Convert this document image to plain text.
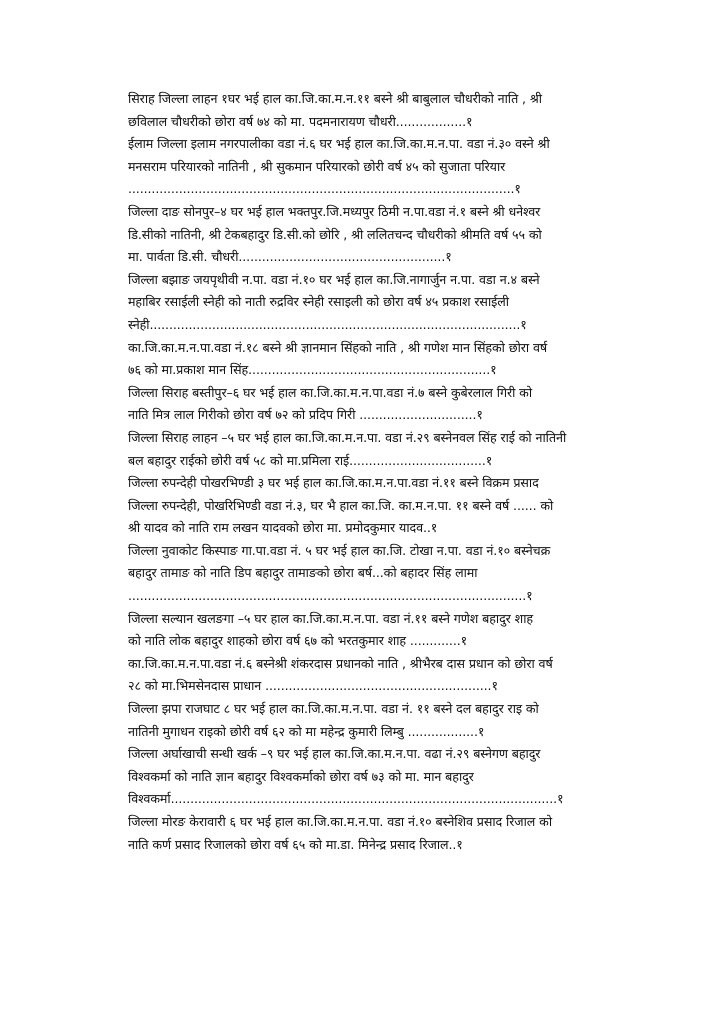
सिराह जिल्ला लाहन १घर भई हाल का.जि.का.म.न.११ बस्ने श्री बाबुलाल चौधरीको नाति , श्री
छविलाल चौधरीको छोरा वर्ष ७४ को मा. पदमनारायण चौधरी..................१
ईलाम जिल्ला इलाम नगरपालीका वडा नं.६ घर भई हाल का.जि.का.म.न.पा. वडा नं.३० वस्ने श्री
मनसराम परियारको नातिनी , श्री सुकमान परियारको छोरी वर्ष ४५ को सुजाता परियार
...................................................................................................१
जिल्ला दाङ सोनपुर–४ घर भई हाल भक्तपुर.जि.मध्यपुर ठिमी न.पा.वडा नं.१ बस्ने श्री धनेश्वर
डि.सीको नातिनी, श्री टेकबहादुर डि.सी.को छोरि , श्री ललितचन्द चौधरीको श्रीमति वर्ष ५५ को
मा. पार्वता डि.सी. चौधरी.....................................................१
जिल्ला बझाङ जयपृथीवी न.पा. वडा नं.१० घर भई हाल का.जि.नागार्जुन न.पा. वडा न.४ बस्ने
महाबिर रसाईली स्नेही को नाती रुद्रविर स्नेही रसाइली को छोरा वर्ष ४५ प्रकाश रसाईली
स्नेही...............................................................................................१
का.जि.का.म.न.पा.वडा नं.१८ बस्ने श्री ज्ञानमान सिंहको नाति , श्री गणेश मान सिंहको छोरा वर्ष
७६ को मा.प्रकाश मान सिंह..............................................................१
जिल्ला सिराह बस्तीपुर–६ घर भई हाल का.जि.का.म.न.पा.वडा नं.७ बस्ने कुबेरलाल गिरी को
नाति मित्र लाल गिरीको छोरा वर्ष ७२ को प्रदिप गिरी ..............................१
जिल्ला सिराह लाहन –५ घर भई हाल का.जि.का.म.न.पा. वडा नं.२९ बस्नेनवल सिंह राई को नातिनी
बल बहादुर राईको छोरी वर्ष ५८ को मा.प्रमिला राई...................................१
जिल्ला रुपन्देही पोखरभिण्डी ३ घर भई हाल का.जि.का.म.न.पा.वडा नं.११ बस्ने विक्रम प्रसाद
जिल्ला रुपन्देही, पोखरिभिण्डी वडा नं.३, घर भै हाल का.जि. का.म.न.पा. ११ बस्ने वर्ष ...... को
श्री यादव को नाति राम लखन यादवको छोरा मा. प्रमोदकुमार यादव..१
जिल्ला नुवाकोट किस्पाङ गा.पा.वडा नं. ५ घर भई हाल का.जि. टोखा न.पा. वडा नं.१० बस्नेचक्र
बहादुर तामाङ को नाति डिप बहादुर तामाङको छोरा बर्ष...को बहादर सिंह लामा
......................................................................................................१
जिल्ला सल्यान खलङगा –५ घर हाल का.जि.का.म.न.पा. वडा नं.११ बस्ने गणेश बहादुर शाह
को नाति लोक बहादुर शाहको छोरा वर्ष ६७ को भरतकुमार शाह .............१
का.जि.का.म.न.पा.वडा नं.६ बस्नेश्री शंकरदास प्रधानको नाति , श्रीभैरब दास प्रधान को छोरा वर्ष
२८ को मा.भिमसेनदास प्राधान ..........................................................१
जिल्ला झपा राजघाट ८ घर भई हाल का.जि.का.म.न.पा. वडा नं. ११ बस्ने दल बहादुर राइ को
नातिनी मुगाधन राइको छोरी वर्ष ६२ को मा महेन्द्र कुमारी लिम्बु ..................१
जिल्ला अर्घाखाची सन्धी खर्क –९ घर भई हाल का.जि.का.म.न.पा. वढा नं.२९ बस्नेगण बहादुर
विश्वकर्मा को नाति ज्ञान बहादुर विश्वकर्माको छोरा वर्ष ७३ को मा. मान बहादुर
विश्वकर्मा...................................................................................................१
जिल्ला मोरङ केरावारी ६ घर भई हाल का.जि.का.म.न.पा. वडा नं.१० बस्नेशिव प्रसाद रिजाल को
नाति कर्ण प्रसाद रिजालको छोरा वर्ष ६५ को मा.डा. मिनेन्द्र प्रसाद रिजाल..१
